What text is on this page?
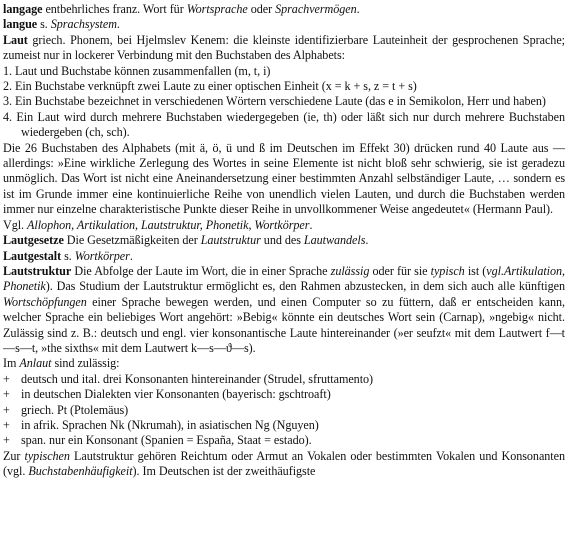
langage entbehrliches franz. Wort für Wortsprache oder Sprachvermögen.

langue s. Sprachsystem.

Laut griech. Phonem, bei Hjelmslev Kenem: die kleinste identifizierbare Lauteinheit der gesprochenen Sprache; zumeist nur in lockerer Verbindung mit den Buchstaben des Alphabets:

1. Laut und Buchstabe können zusammenfallen (m, t, i)

2. Ein Buchstabe verknüpft zwei Laute zu einer optischen Einheit (x = k + s, z = t + s)

3. Ein Buchstabe bezeichnet in verschiedenen Wörtern verschiedene Laute (das e in Semikolon, Herr und haben)

4. Ein Laut wird durch mehrere Buchstaben wiedergegeben (ie, th) oder läßt sich nur durch mehrere Buchstaben wiedergeben (ch, sch).

Die 26 Buchstaben des Alphabets (mit ä, ö, ü und ß im Deutschen im Effekt 30) drücken rund 40 Laute aus — allerdings: »Eine wirkliche Zerlegung des Wortes in seine Elemente ist nicht bloß sehr schwierig, sie ist geradezu unmöglich. Das Wort ist nicht eine Aneinandersetzung einer bestimmten Anzahl selbständiger Laute, … sondern es ist im Grunde immer eine kontinuierliche Reihe von unendlich vielen Lauten, und durch die Buchstaben werden immer nur einzelne charakteristische Punkte dieser Reihe in unvollkommener Weise angedeutet« (Hermann Paul).

Vgl. Allophon, Artikulation, Lautstruktur, Phonetik, Wortkörper.

Lautgesetze Die Gesetzmäßigkeiten der Lautstruktur und des Lautwandels.

Lautgestalt s. Wortkörper.

Lautstruktur Die Abfolge der Laute im Wort, die in einer Sprache zulässig oder für sie typisch ist (vgl.Artikulation, Phonetik). Das Studium der Lautstruktur ermöglicht es, den Rahmen abzustecken, in dem sich auch alle künftigen Wortschöpfungen einer Sprache bewegen werden, und einen Computer so zu füttern, daß er entscheiden kann, welcher Sprache ein beliebiges Wort angehört: »Bebig« könnte ein deutsches Wort sein (Carnap), »ngebig« nicht. Zulässig sind z. B.: deutsch und engl. vier konsonantische Laute hintereinander (»er seufzt« mit dem Lautwert f—t—s—t, »the sixths« mit dem Lautwert k—s—ϑ—s).

Im Anlaut sind zulässig:

+ deutsch und ital. drei Konsonanten hintereinander (Strudel, sfruttamento)

+ in deutschen Dialekten vier Konsonanten (bayerisch: gschtroaft)

+ griech. Pt (Ptolemäus)

+ in afrik. Sprachen Nk (Nkrumah), in asiatischen Ng (Nguyen)

+ span. nur ein Konsonant (Spanien = España, Staat = estado).

Zur typischen Lautstruktur gehören Reichtum oder Armut an Vokalen oder bestimmten Vokalen und Konsonanten (vgl. Buchstabenhäufigkeit). Im Deutschen ist der zweithäufigste
